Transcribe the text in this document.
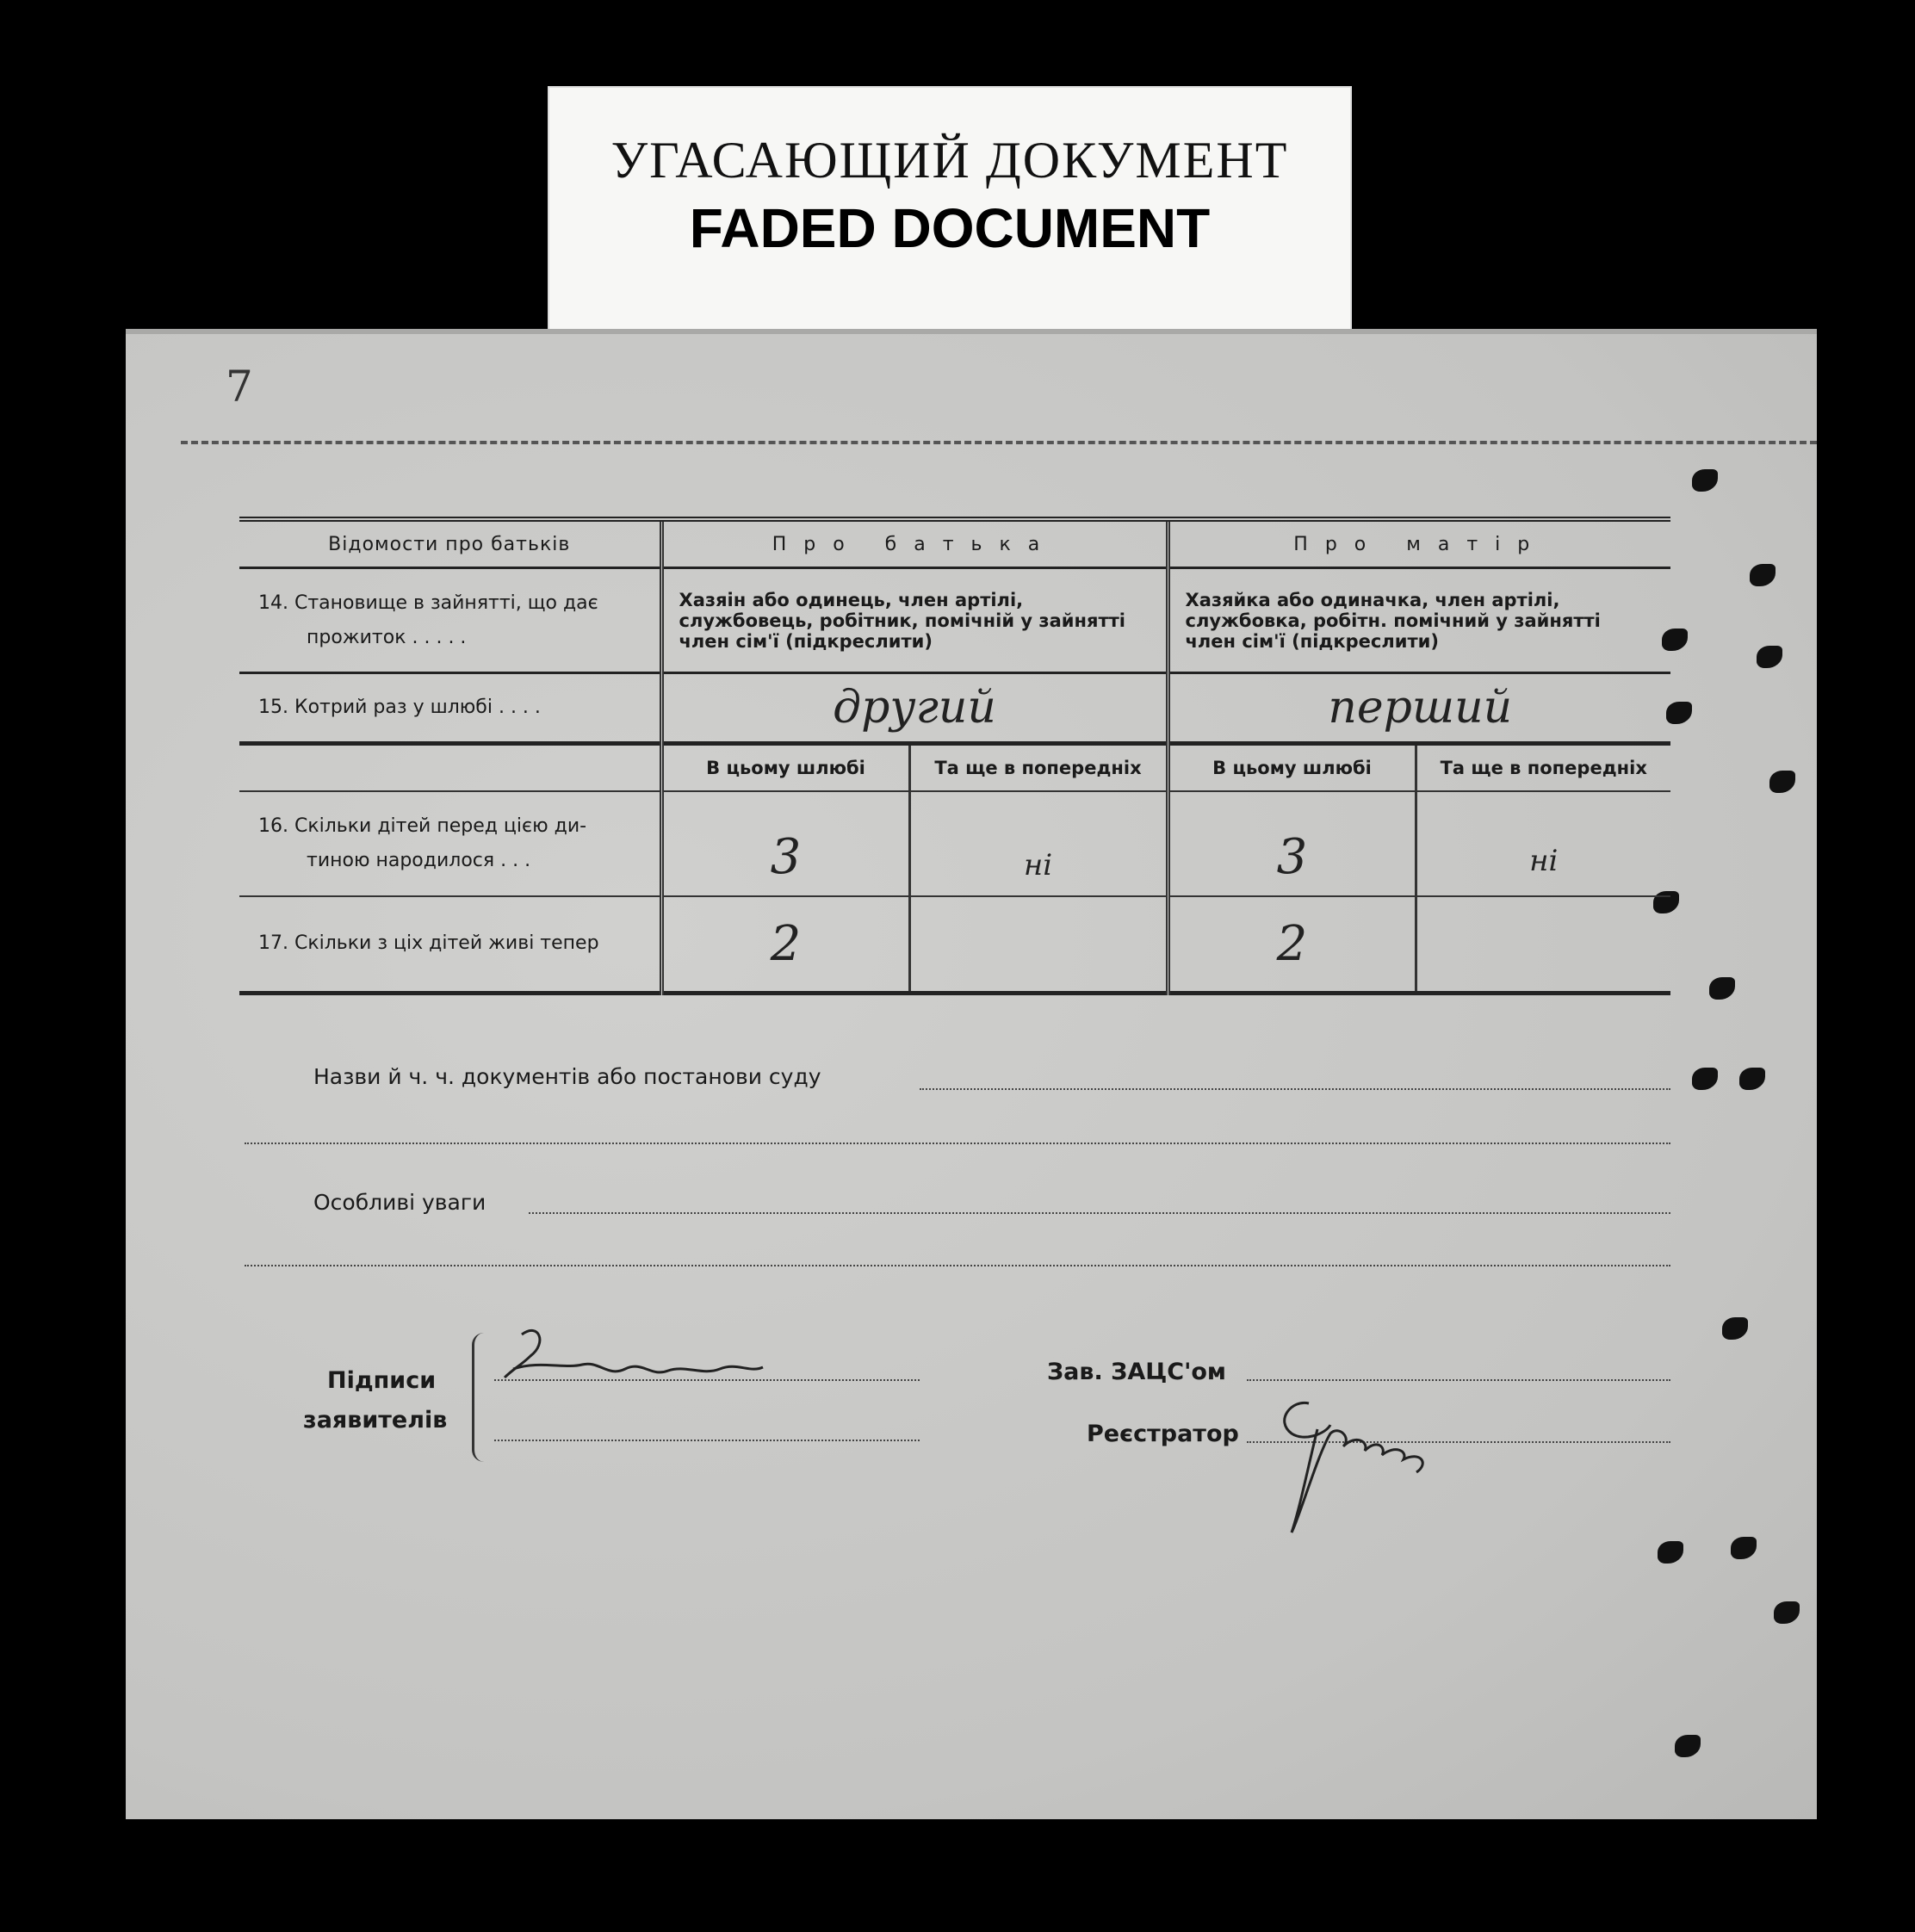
УГАСАЮЩИЙ ДОКУМЕНТ
FADED DOCUMENT
7
Відомости про батьків	Про батька		Про матір	

14. Становище в зайнятті, що дає
прожиток . . . . .	Хазяін або одинець, член артілі, службовець, робітник, помічній у зайнятті член сім'ї (підкреслити)		Хазяйка або одиначка, член артілі, службовка, робітн. помічний у зайнятті член сім'ї (підкреслити)	
15. Котрий раз у шлюбі . . . .	другий		перший	
	В цьому шлюбі	Та ще в попередніх	В цьому шлюбі	Та ще в попередніх

16. Скільки дітей перед цією ди-
тиною народилося . . .	3	ні	3	ні
17. Скільки з ціх дітей живі тепер	2		2	
Назви й ч. ч. документів або постанови суду
Особливі уваги
Підписи
заявителів
Зав. ЗАЦС'ом
Реєстратор
